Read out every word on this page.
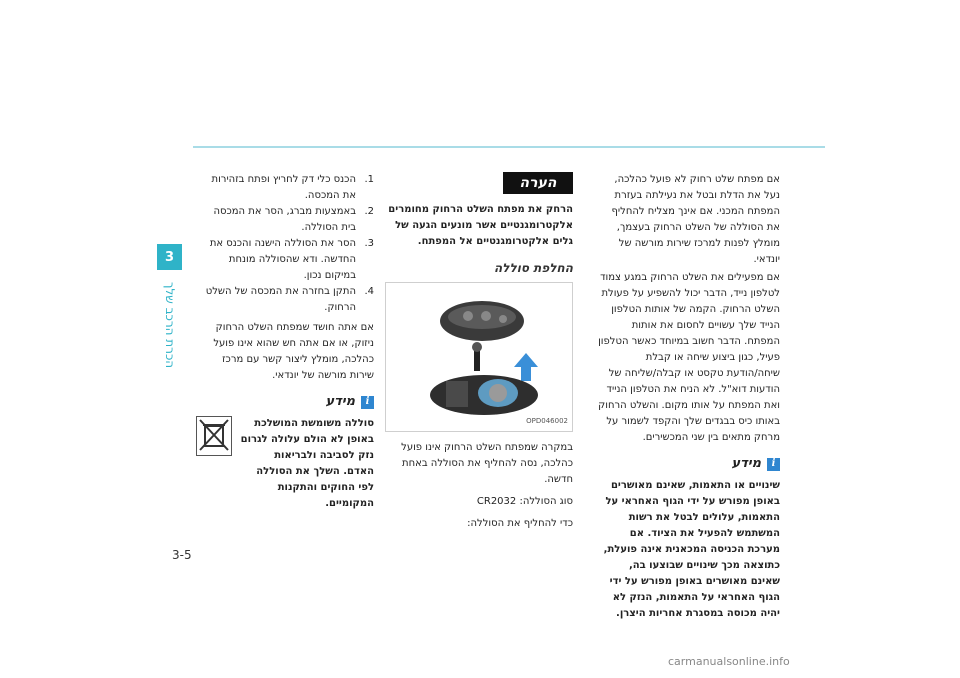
3
הכרת הרכב שלך
3-5

אם מפתח שלט רחוק לא פועל כהלכה, נעל את הדלת ובטל את נעילתה בעזרת המפתח המכני. אם אינך מצליח להחליף את הסוללה של השלט הרחוק בעצמך, מומלץ לפנות למרכז שירות מורשה של יונדאי.

אם מפעילים את השלט הרחוק במגע צמוד לטלפון נייד, הדבר יכול להשפיע על פעולת השלט הרחוק. הקמה של אותות הטלפון הנייד שלך עשויים לחסום את אותות המפתח. הדבר חשוב במיוחד כאשר הטלפון פעיל, כגון ביצוע שיחה או קבלת שיחה/הודעת טקסט או קבלה/שליחה של הודעות דוא"ל. לא הניח את הטלפון הנייד ואת המפתח על אותו מקום. והשלט הרחוק באותו כיס בבגדים שלך והקפד לשמור על מרחק מתאים בין שני המכשירים.

i
מידע

שינויים או התאמות, שאינם מאושרים באופן מפורש על ידי הגוף האחראי על התאמות, עלולים לבטל את רשות המשתמש להפעיל את הציוד. אם מערכת הכניסה המכאנית אינה פועלת, כתוצאה מכך שינויים שבוצעו בה, שאינם מאושרים באופן מפורש על ידי הגוף האחראי על התאמות, הנזק לא יהיה מכוסה במסגרת אחריות היצרן.

הערה

הרחק את מפתח השלט הרחוק מחומרים אלקטרומגנטיים אשר מונעים הגעה של גלים אלקטרומגנטיים אל המפתח.

החלפת סוללה
OPD046002

במקרה שמפתח השלט הרחוק אינו פועל כהלכה, נסה להחליף את הסוללה באחת חדשה.

סוג הסוללה: CR2032

כדי להחליף את הסוללה:

1.
הכנס כלי דק לחריץ ופתח בזהירות את המכסה.
2.
באמצעות מברג, הסר את המכסה בית הסוללה.
3.
הסר את הסוללה הישנה והכנס את החדשה. ודא שהסוללה מונחת במיקום נכון.
4.
התקן בחזרה את המכסה של השלט הרחוק.

אם אתה חושד שמפתח השלט הרחוק ניזוק, או אם אתה חש שהוא אינו פועל כהלכה, מומלץ ליצור קשר עם מרכז שירות מורשה של יונדאי.

i
מידע

סוללה משומשת המושלכת באופן לא הולם עלולה לגרום נזק לסביבה ולבריאות האדם. השלך את הסוללה לפי החוקים והתקנות המקומיים.

carmanualsonline.info
